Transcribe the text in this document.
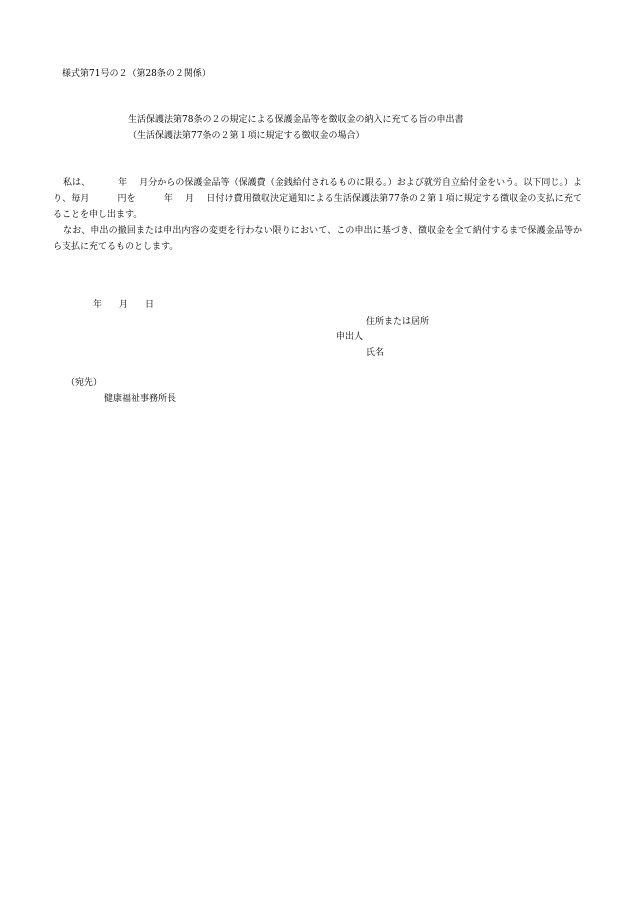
様式第71号の２（第28条の２関係）
生活保護法第78条の２の規定による保護金品等を徴収金の納入に充てる旨の申出書
（生活保護法第77条の２第１項に規定する徴収金の場合）
私は、	年 月分からの保護金品等（保護費（金銭給付されるものに限る。）および就労自立給付金をいう。以下同じ。）より、毎月	円を	年 月 日付け費用徴収決定通知による生活保護法第77条の２第１項に規定する徴収金の支払に充てることを申し出ます。
なお、申出の撤回または申出内容の変更を行わない限りにおいて、この申出に基づき、徴収金を全て納付するまで保護金品等から支払に充てるものとします。
年 月 日
住所または居所
申出人
氏名
（宛先）
健康福祉事務所長
